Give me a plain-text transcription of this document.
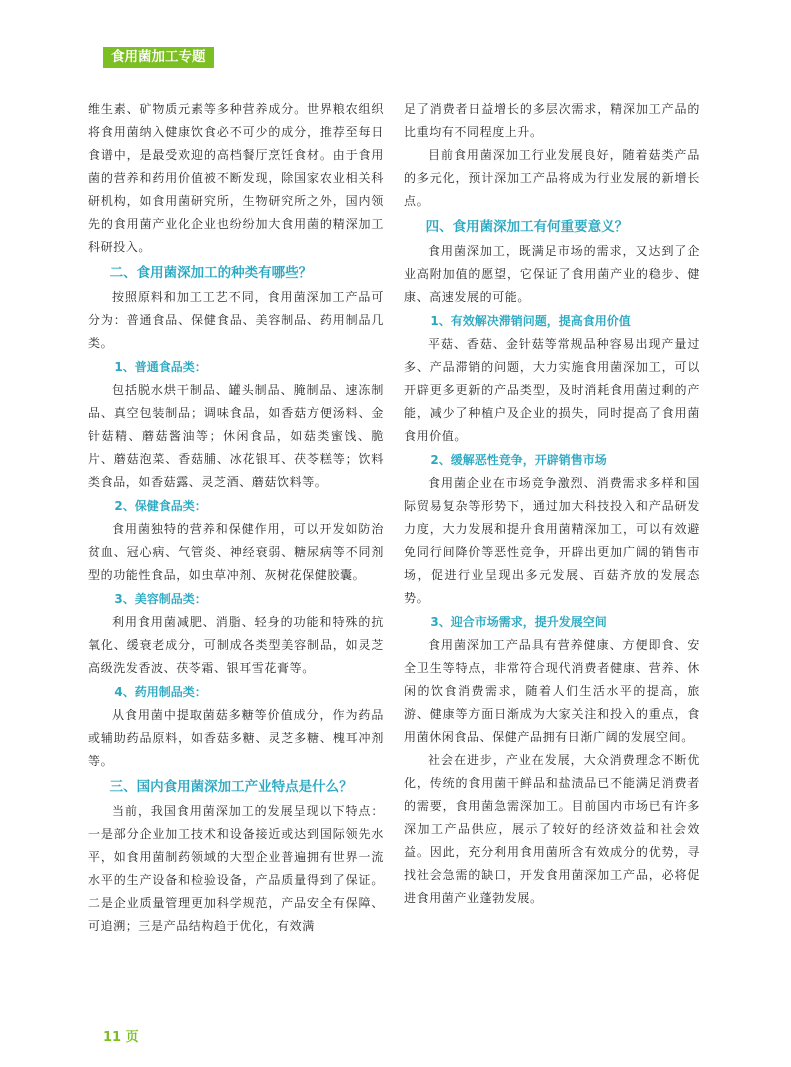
食用菌加工专题

维生素、矿物质元素等多种营养成分。世界粮农组织将食用菌纳入健康饮食必不可少的成分，推荐至每日食谱中，是最受欢迎的高档餐厅烹饪食材。由于食用菌的营养和药用价值被不断发现，除国家农业相关科研机构，如食用菌研究所，生物研究所之外，国内领先的食用菌产业化企业也纷纷加大食用菌的精深加工科研投入。

二、食用菌深加工的种类有哪些？

按照原料和加工工艺不同，食用菌深加工产品可分为：普通食品、保健食品、美容制品、药用制品几类。

1、普通食品类：

包括脱水烘干制品、罐头制品、腌制品、速冻制品、真空包装制品；调味食品，如香菇方便汤料、金针菇精、蘑菇酱油等；休闲食品，如菇类蜜饯、脆片、蘑菇泡菜、香菇脯、冰花银耳、茯苓糕等；饮料类食品，如香菇露、灵芝酒、蘑菇饮料等。

2、保健食品类：

食用菌独特的营养和保健作用，可以开发如防治贫血、冠心病、气管炎、神经衰弱、糖尿病等不同剂型的功能性食品，如虫草冲剂、灰树花保健胶囊。

3、美容制品类：

利用食用菌减肥、消脂、轻身的功能和特殊的抗氧化、缓衰老成分，可制成各类型美容制品，如灵芝高级洗发香波、茯苓霜、银耳雪花膏等。

4、药用制品类：

从食用菌中提取菌菇多糖等价值成分，作为药品或辅助药品原料，如香菇多糖、灵芝多糖、槐耳冲剂等。

三、国内食用菌深加工产业特点是什么？

当前，我国食用菌深加工的发展呈现以下特点：一是部分企业加工技术和设备接近或达到国际领先水平，如食用菌制药领域的大型企业普遍拥有世界一流水平的生产设备和检验设备，产品质量得到了保证。二是企业质量管理更加科学规范，产品安全有保障、可追溯；三是产品结构趋于优化，有效满

足了消费者日益增长的多层次需求，精深加工产品的比重均有不同程度上升。

目前食用菌深加工行业发展良好，随着菇类产品的多元化，预计深加工产品将成为行业发展的新增长点。

四、食用菌深加工有何重要意义？

食用菌深加工，既满足市场的需求，又达到了企业高附加值的愿望，它保证了食用菌产业的稳步、健康、高速发展的可能。

1、有效解决滞销问题，提高食用价值

平菇、香菇、金针菇等常规品种容易出现产量过多、产品滞销的问题，大力实施食用菌深加工，可以开辟更多更新的产品类型，及时消耗食用菌过剩的产能，减少了种植户及企业的损失，同时提高了食用菌食用价值。

2、缓解恶性竞争，开辟销售市场

食用菌企业在市场竞争激烈、消费需求多样和国际贸易复杂等形势下，通过加大科技投入和产品研发力度，大力发展和提升食用菌精深加工，可以有效避免同行间降价等恶性竞争，开辟出更加广阔的销售市场，促进行业呈现出多元发展、百菇齐放的发展态势。

3、迎合市场需求，提升发展空间

食用菌深加工产品具有营养健康、方便即食、安全卫生等特点，非常符合现代消费者健康、营养、休闲的饮食消费需求，随着人们生活水平的提高，旅游、健康等方面日渐成为大家关注和投入的重点，食用菌休闲食品、保健产品拥有日渐广阔的发展空间。

社会在进步，产业在发展，大众消费理念不断优化，传统的食用菌干鲜品和盐渍品已不能满足消费者的需要，食用菌急需深加工。目前国内市场已有许多深加工产品供应，展示了较好的经济效益和社会效益。因此，充分利用食用菌所含有效成分的优势，寻找社会急需的缺口，开发食用菌深加工产品，必将促进食用菌产业蓬勃发展。

11 页
